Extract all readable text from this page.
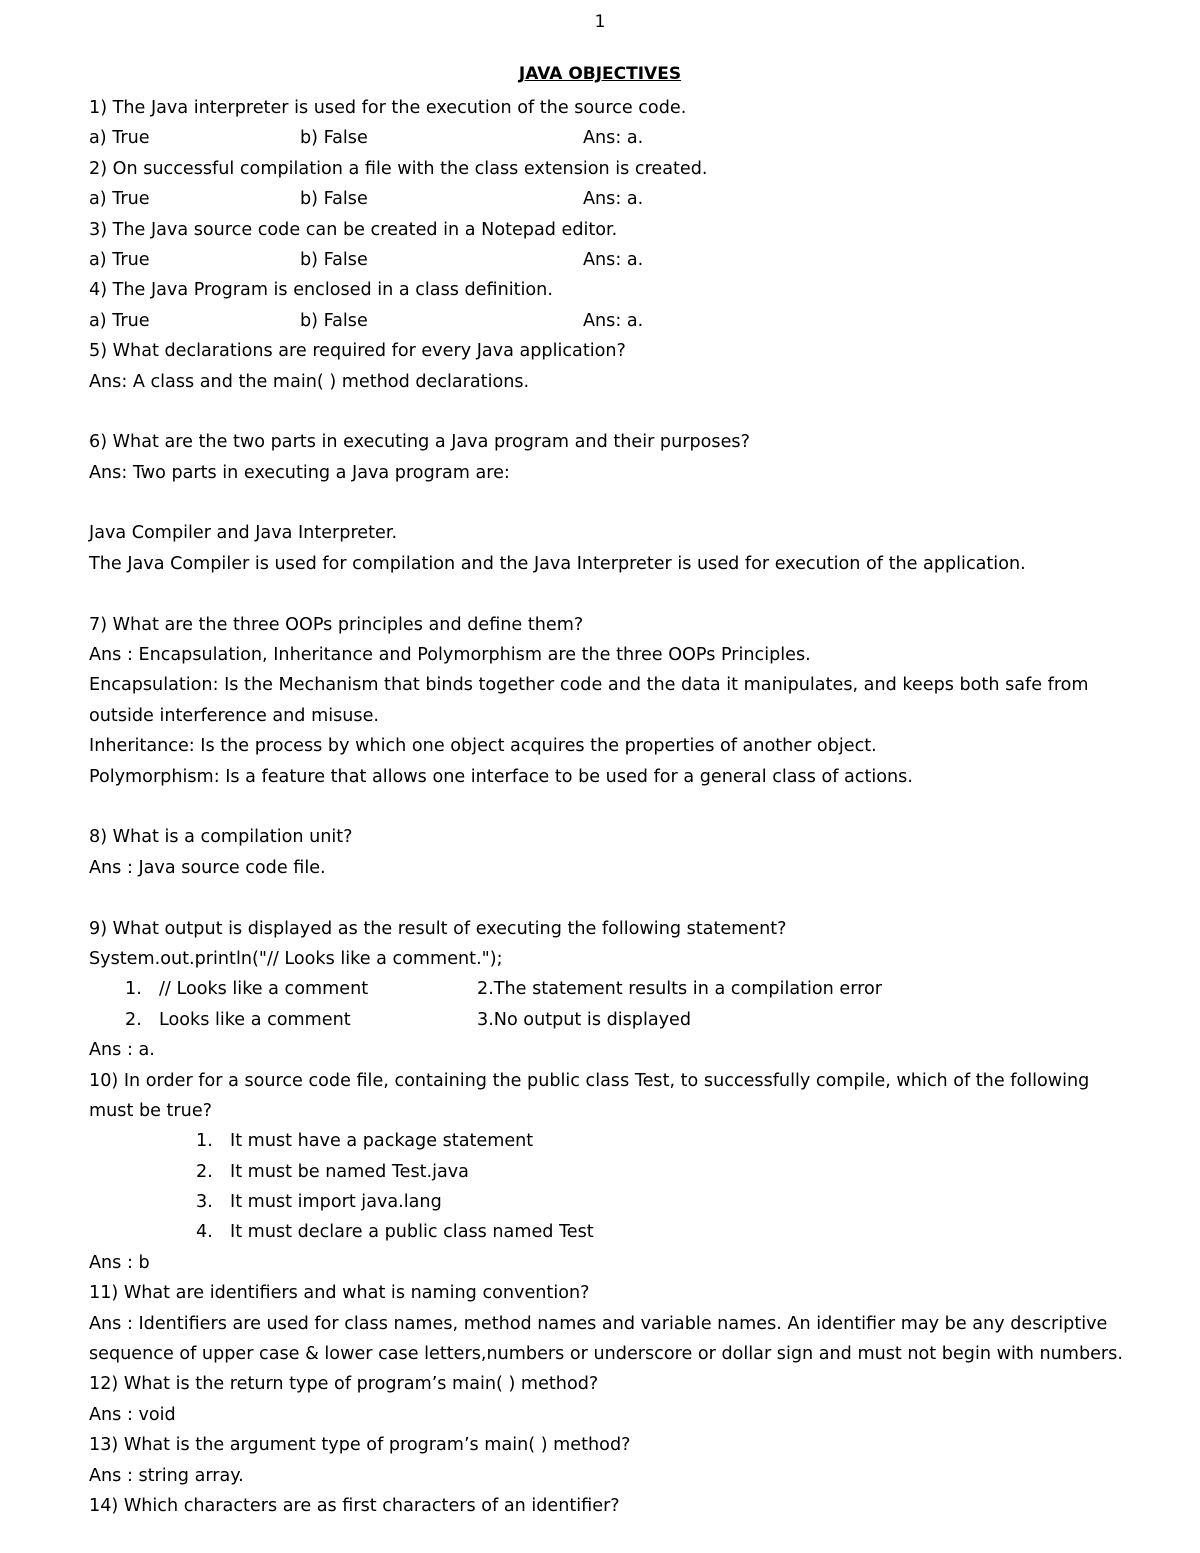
1
JAVA OBJECTIVES
1) The Java interpreter is used for the execution of the source code.
a) True	b) False	Ans: a.
2) On successful compilation a file with the class extension is created.
a) True	b) False	Ans: a.
3) The Java source code can be created in a Notepad editor.
a) True	b) False	Ans: a.
4) The Java Program is enclosed in a class definition.
a) True	b) False	Ans: a.
5) What declarations are required for every Java application?
Ans: A class and the main( ) method declarations.
6) What are the two parts in executing a Java program and their purposes?
Ans: Two parts in executing a Java program are:
Java Compiler and Java Interpreter.
The Java Compiler is used for compilation and the Java Interpreter is used for execution of the application.
7) What are the three OOPs principles and define them?
Ans : Encapsulation, Inheritance and Polymorphism are the three OOPs Principles.
Encapsulation: Is the Mechanism that binds together code and the data it manipulates, and keeps both safe from
outside interference and misuse.
Inheritance: Is the process by which one object acquires the properties of another object.
Polymorphism: Is a feature that allows one interface to be used for a general class of actions.
8) What is a compilation unit?
Ans : Java source code file.
9) What output is displayed as the result of executing the following statement?
System.out.println("// Looks like a comment.");
1. // Looks like a comment	2.The statement results in a compilation error
2. Looks like a comment	3.No output is displayed
Ans : a.
10) In order for a source code file, containing the public class Test, to successfully compile, which of the following
must be true?
1. It must have a package statement
2. It must be named Test.java
3. It must import java.lang
4. It must declare a public class named Test
Ans : b
11) What are identifiers and what is naming convention?
Ans : Identifiers are used for class names, method names and variable names. An identifier may be any descriptive
sequence of upper case & lower case letters,numbers or underscore or dollar sign and must not begin with numbers.
12) What is the return type of program’s main( ) method?
Ans : void
13) What is the argument type of program’s main( ) method?
Ans : string array.
14) Which characters are as first characters of an identifier?
